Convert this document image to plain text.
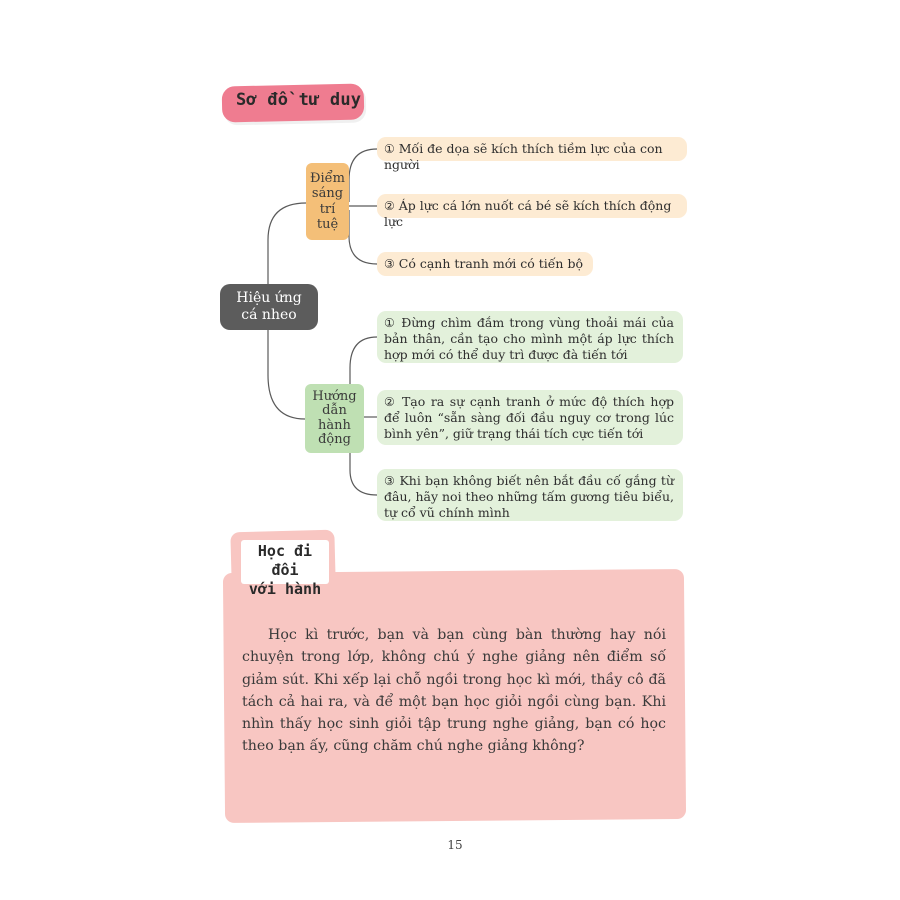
Sơ đồ tư duy
Hiệu ứng
cá nheo
Điểm
sáng
trí
tuệ
Hướng
dẫn
hành
động
① Mối đe dọa sẽ kích thích tiềm lực của con người
② Áp lực cá lớn nuốt cá bé sẽ kích thích động lực
③ Có cạnh tranh mới có tiến bộ
① Đừng chìm đắm trong vùng thoải mái của bản thân, cần tạo cho mình một áp lực thích hợp mới có thể duy trì được đà tiến tới
② Tạo ra sự cạnh tranh ở mức độ thích hợp để luôn “sẵn sàng đối đầu nguy cơ trong lúc bình yên”, giữ trạng thái tích cực tiến tới
③ Khi bạn không biết nên bắt đầu cố gắng từ đâu, hãy noi theo những tấm gương tiêu biểu, tự cổ vũ chính mình
Học đi đôi
với hành

Học kì trước, bạn và bạn cùng bàn thường hay nói chuyện trong lớp, không chú ý nghe giảng nên điểm số giảm sút. Khi xếp lại chỗ ngồi trong học kì mới, thầy cô đã tách cả hai ra, và để một bạn học giỏi ngồi cùng bạn. Khi nhìn thấy học sinh giỏi tập trung nghe giảng, bạn có học theo bạn ấy, cũng chăm chú nghe giảng không?

15
